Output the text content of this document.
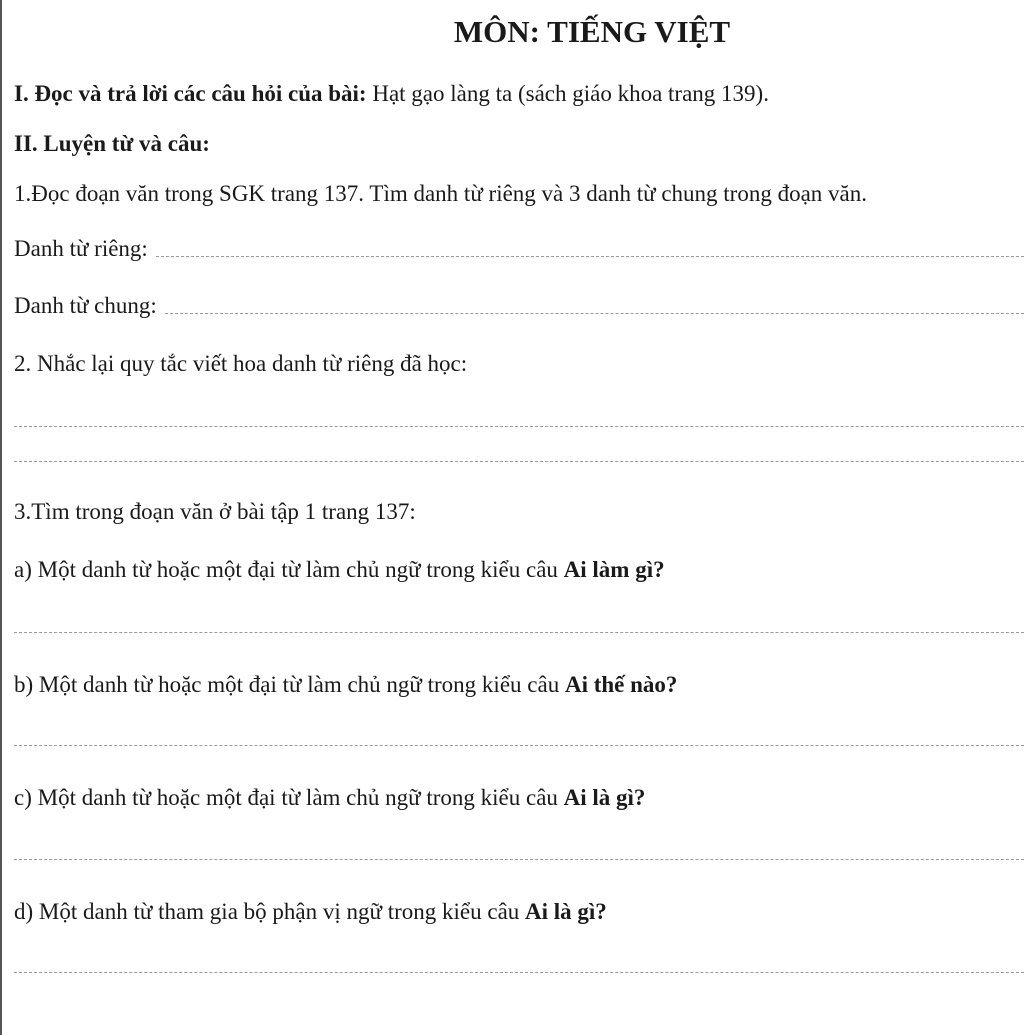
MÔN: TIẾNG VIỆT
I. Đọc và trả lời các câu hỏi của bài: Hạt gạo làng ta (sách giáo khoa trang 139).
II. Luyện từ và câu:
1.Đọc đoạn văn trong SGK trang 137. Tìm danh từ riêng và 3 danh từ chung trong đoạn văn.
Danh từ riêng:
Danh từ chung:
2. Nhắc lại quy tắc viết hoa danh từ riêng đã học:
3.Tìm trong đoạn văn ở bài tập 1 trang 137:
a) Một danh từ hoặc một đại từ làm chủ ngữ trong kiểu câu Ai làm gì?
b) Một danh từ hoặc một đại từ làm chủ ngữ trong kiểu câu Ai thế nào?
c) Một danh từ hoặc một đại từ làm chủ ngữ trong kiểu câu Ai là gì?
d) Một danh từ tham gia bộ phận vị ngữ trong kiểu câu Ai là gì?
